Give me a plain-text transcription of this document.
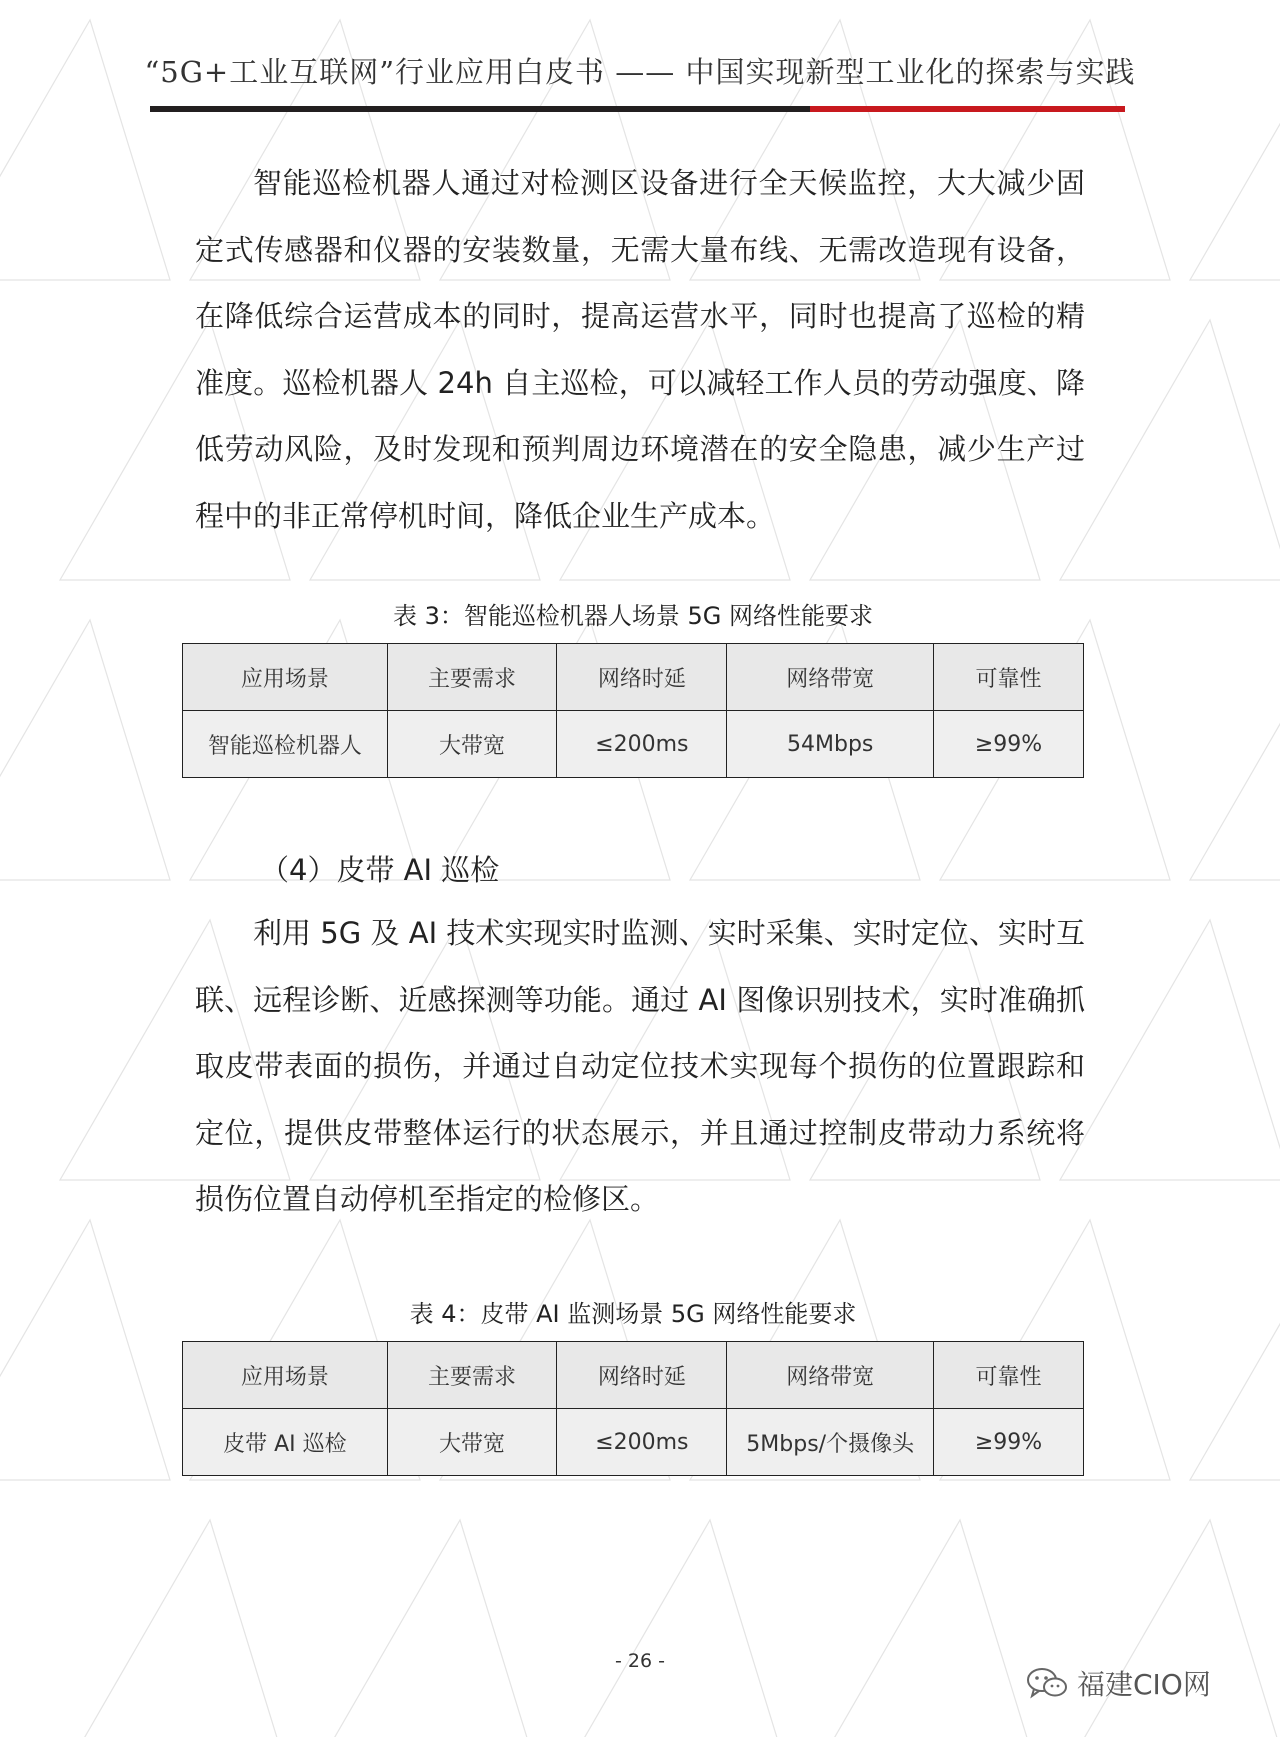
“5G+工业互联网”行业应用白皮书 —— 中国实现新型工业化的探索与实践

智能巡检机器人通过对检测区设备进行全天候监控，大大减少固定式传感器和仪器的安装数量，无需大量布线、无需改造现有设备，在降低综合运营成本的同时，提高运营水平，同时也提高了巡检的精准度。巡检机器人 24h 自主巡检，可以减轻工作人员的劳动强度、降低劳动风险，及时发现和预判周边环境潜在的安全隐患，减少生产过程中的非正常停机时间，降低企业生产成本。

表 3：智能巡检机器人场景 5G 网络性能要求
应用场景	主要需求	网络时延	网络带宽	可靠性
智能巡检机器人	大带宽	≤200ms	54Mbps	≥99%
（4）皮带 AI 巡检

利用 5G 及 AI 技术实现实时监测、实时采集、实时定位、实时互联、远程诊断、近感探测等功能。通过 AI 图像识别技术，实时准确抓取皮带表面的损伤，并通过自动定位技术实现每个损伤的位置跟踪和定位，提供皮带整体运行的状态展示，并且通过控制皮带动力系统将损伤位置自动停机至指定的检修区。

表 4：皮带 AI 监测场景 5G 网络性能要求
应用场景	主要需求	网络时延	网络带宽	可靠性
皮带 AI 巡检	大带宽	≤200ms	5Mbps/个摄像头	≥99%
- 26 -
福建CIO网
